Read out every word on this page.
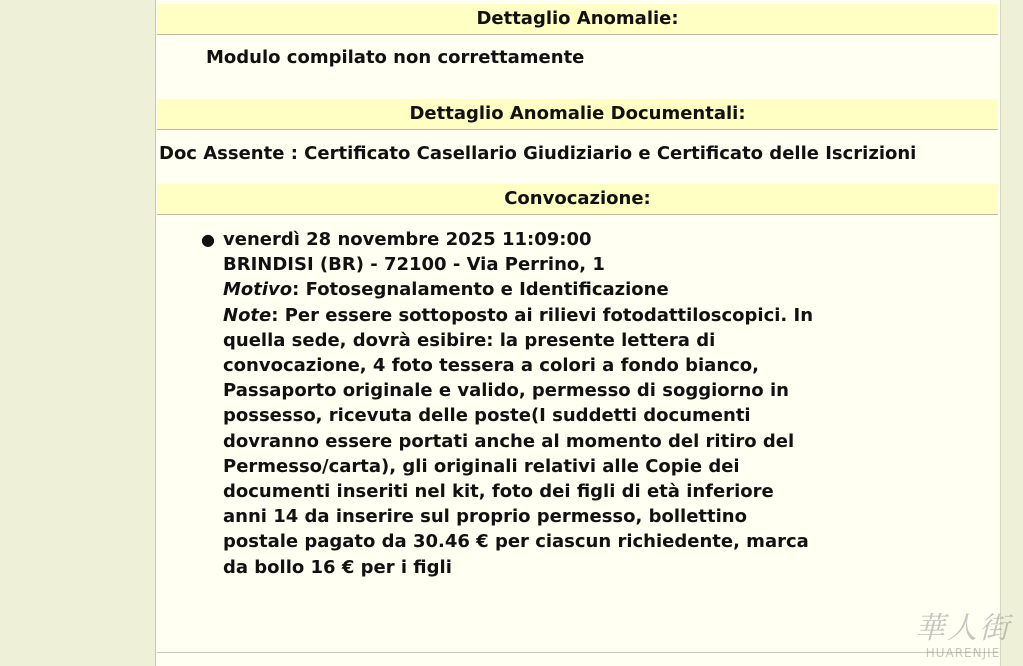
Dettaglio Anomalie:
Modulo compilato non correttamente
Dettaglio Anomalie Documentali:
Doc Assente : Certificato Casellario Giudiziario e Certificato delle Iscrizioni
Convocazione:
● venerdì 28 novembre 2025 11:09:00
BRINDISI (BR) - 72100 - Via Perrino, 1
Motivo: Fotosegnalamento e Identificazione
Note: Per essere sottoposto ai rilievi fotodattiloscopici. In
quella sede, dovrà esibire: la presente lettera di
convocazione, 4 foto tessera a colori a fondo bianco,
Passaporto originale e valido, permesso di soggiorno in
possesso, ricevuta delle poste(I suddetti documenti
dovranno essere portati anche al momento del ritiro del
Permesso/carta), gli originali relativi alle Copie dei
documenti inseriti nel kit, foto dei figli di età inferiore
anni 14 da inserire sul proprio permesso, bollettino
postale pagato da 30.46 € per ciascun richiedente, marca
da bollo 16 € per i figli
華人街
HUARENJIE
